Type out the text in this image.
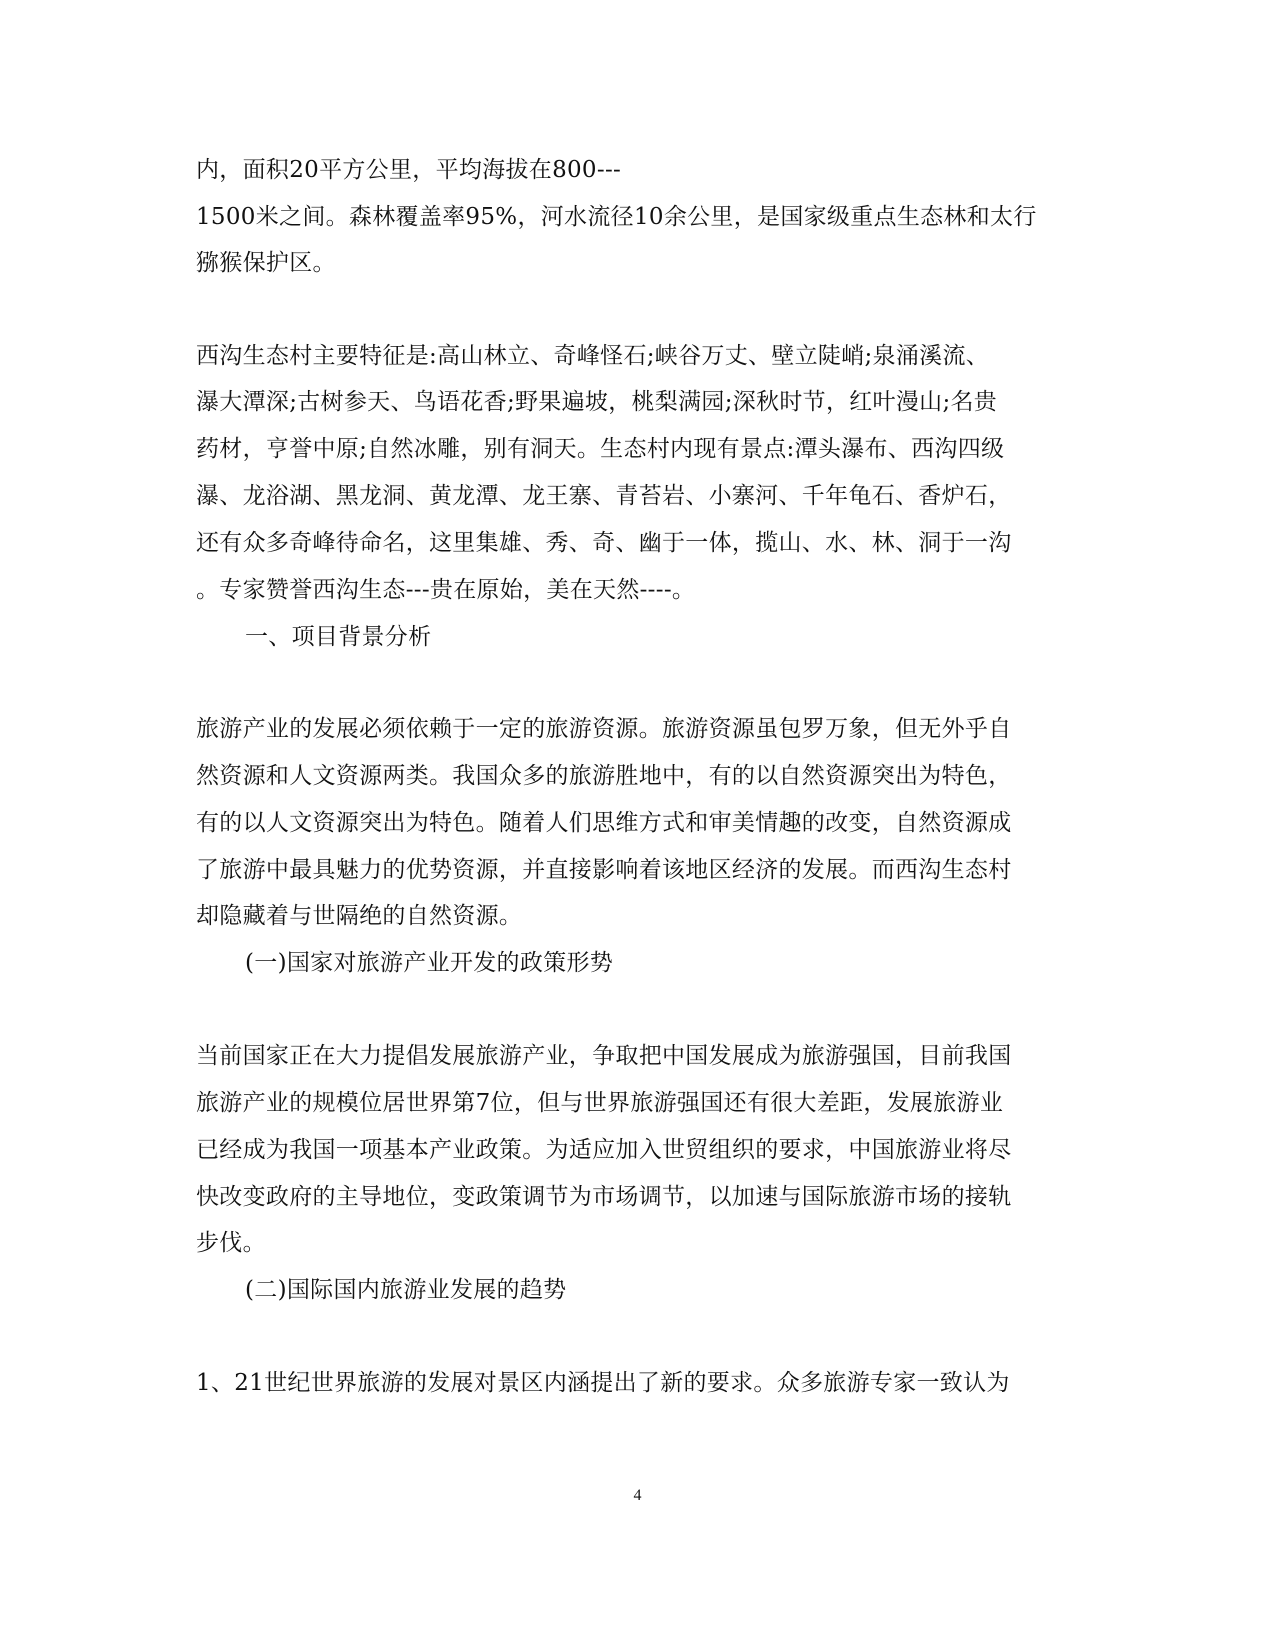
内，面积20平方公里，平均海拔在800---
1500米之间。森林覆盖率95%，河水流径10余公里，是国家级重点生态林和太行
猕猴保护区。
西沟生态村主要特征是:高山林立、奇峰怪石;峡谷万丈、壁立陡峭;泉涌溪流、
瀑大潭深;古树参天、鸟语花香;野果遍坡，桃梨满园;深秋时节，红叶漫山;名贵
药材，亨誉中原;自然冰雕，别有洞天。生态村内现有景点:潭头瀑布、西沟四级
瀑、龙浴湖、黑龙洞、黄龙潭、龙王寨、青苔岩、小寨河、千年龟石、香炉石，
还有众多奇峰待命名，这里集雄、秀、奇、幽于一体，揽山、水、林、洞于一沟
。专家赞誉西沟生态---贵在原始，美在天然----。
一、项目背景分析
旅游产业的发展必须依赖于一定的旅游资源。旅游资源虽包罗万象，但无外乎自
然资源和人文资源两类。我国众多的旅游胜地中，有的以自然资源突出为特色，
有的以人文资源突出为特色。随着人们思维方式和审美情趣的改变，自然资源成
了旅游中最具魅力的优势资源，并直接影响着该地区经济的发展。而西沟生态村
却隐藏着与世隔绝的自然资源。
(一)国家对旅游产业开发的政策形势
当前国家正在大力提倡发展旅游产业，争取把中国发展成为旅游强国，目前我国
旅游产业的规模位居世界第7位，但与世界旅游强国还有很大差距，发展旅游业
已经成为我国一项基本产业政策。为适应加入世贸组织的要求，中国旅游业将尽
快改变政府的主导地位，变政策调节为市场调节，以加速与国际旅游市场的接轨
步伐。
(二)国际国内旅游业发展的趋势
1、21世纪世界旅游的发展对景区内涵提出了新的要求。众多旅游专家一致认为
4
